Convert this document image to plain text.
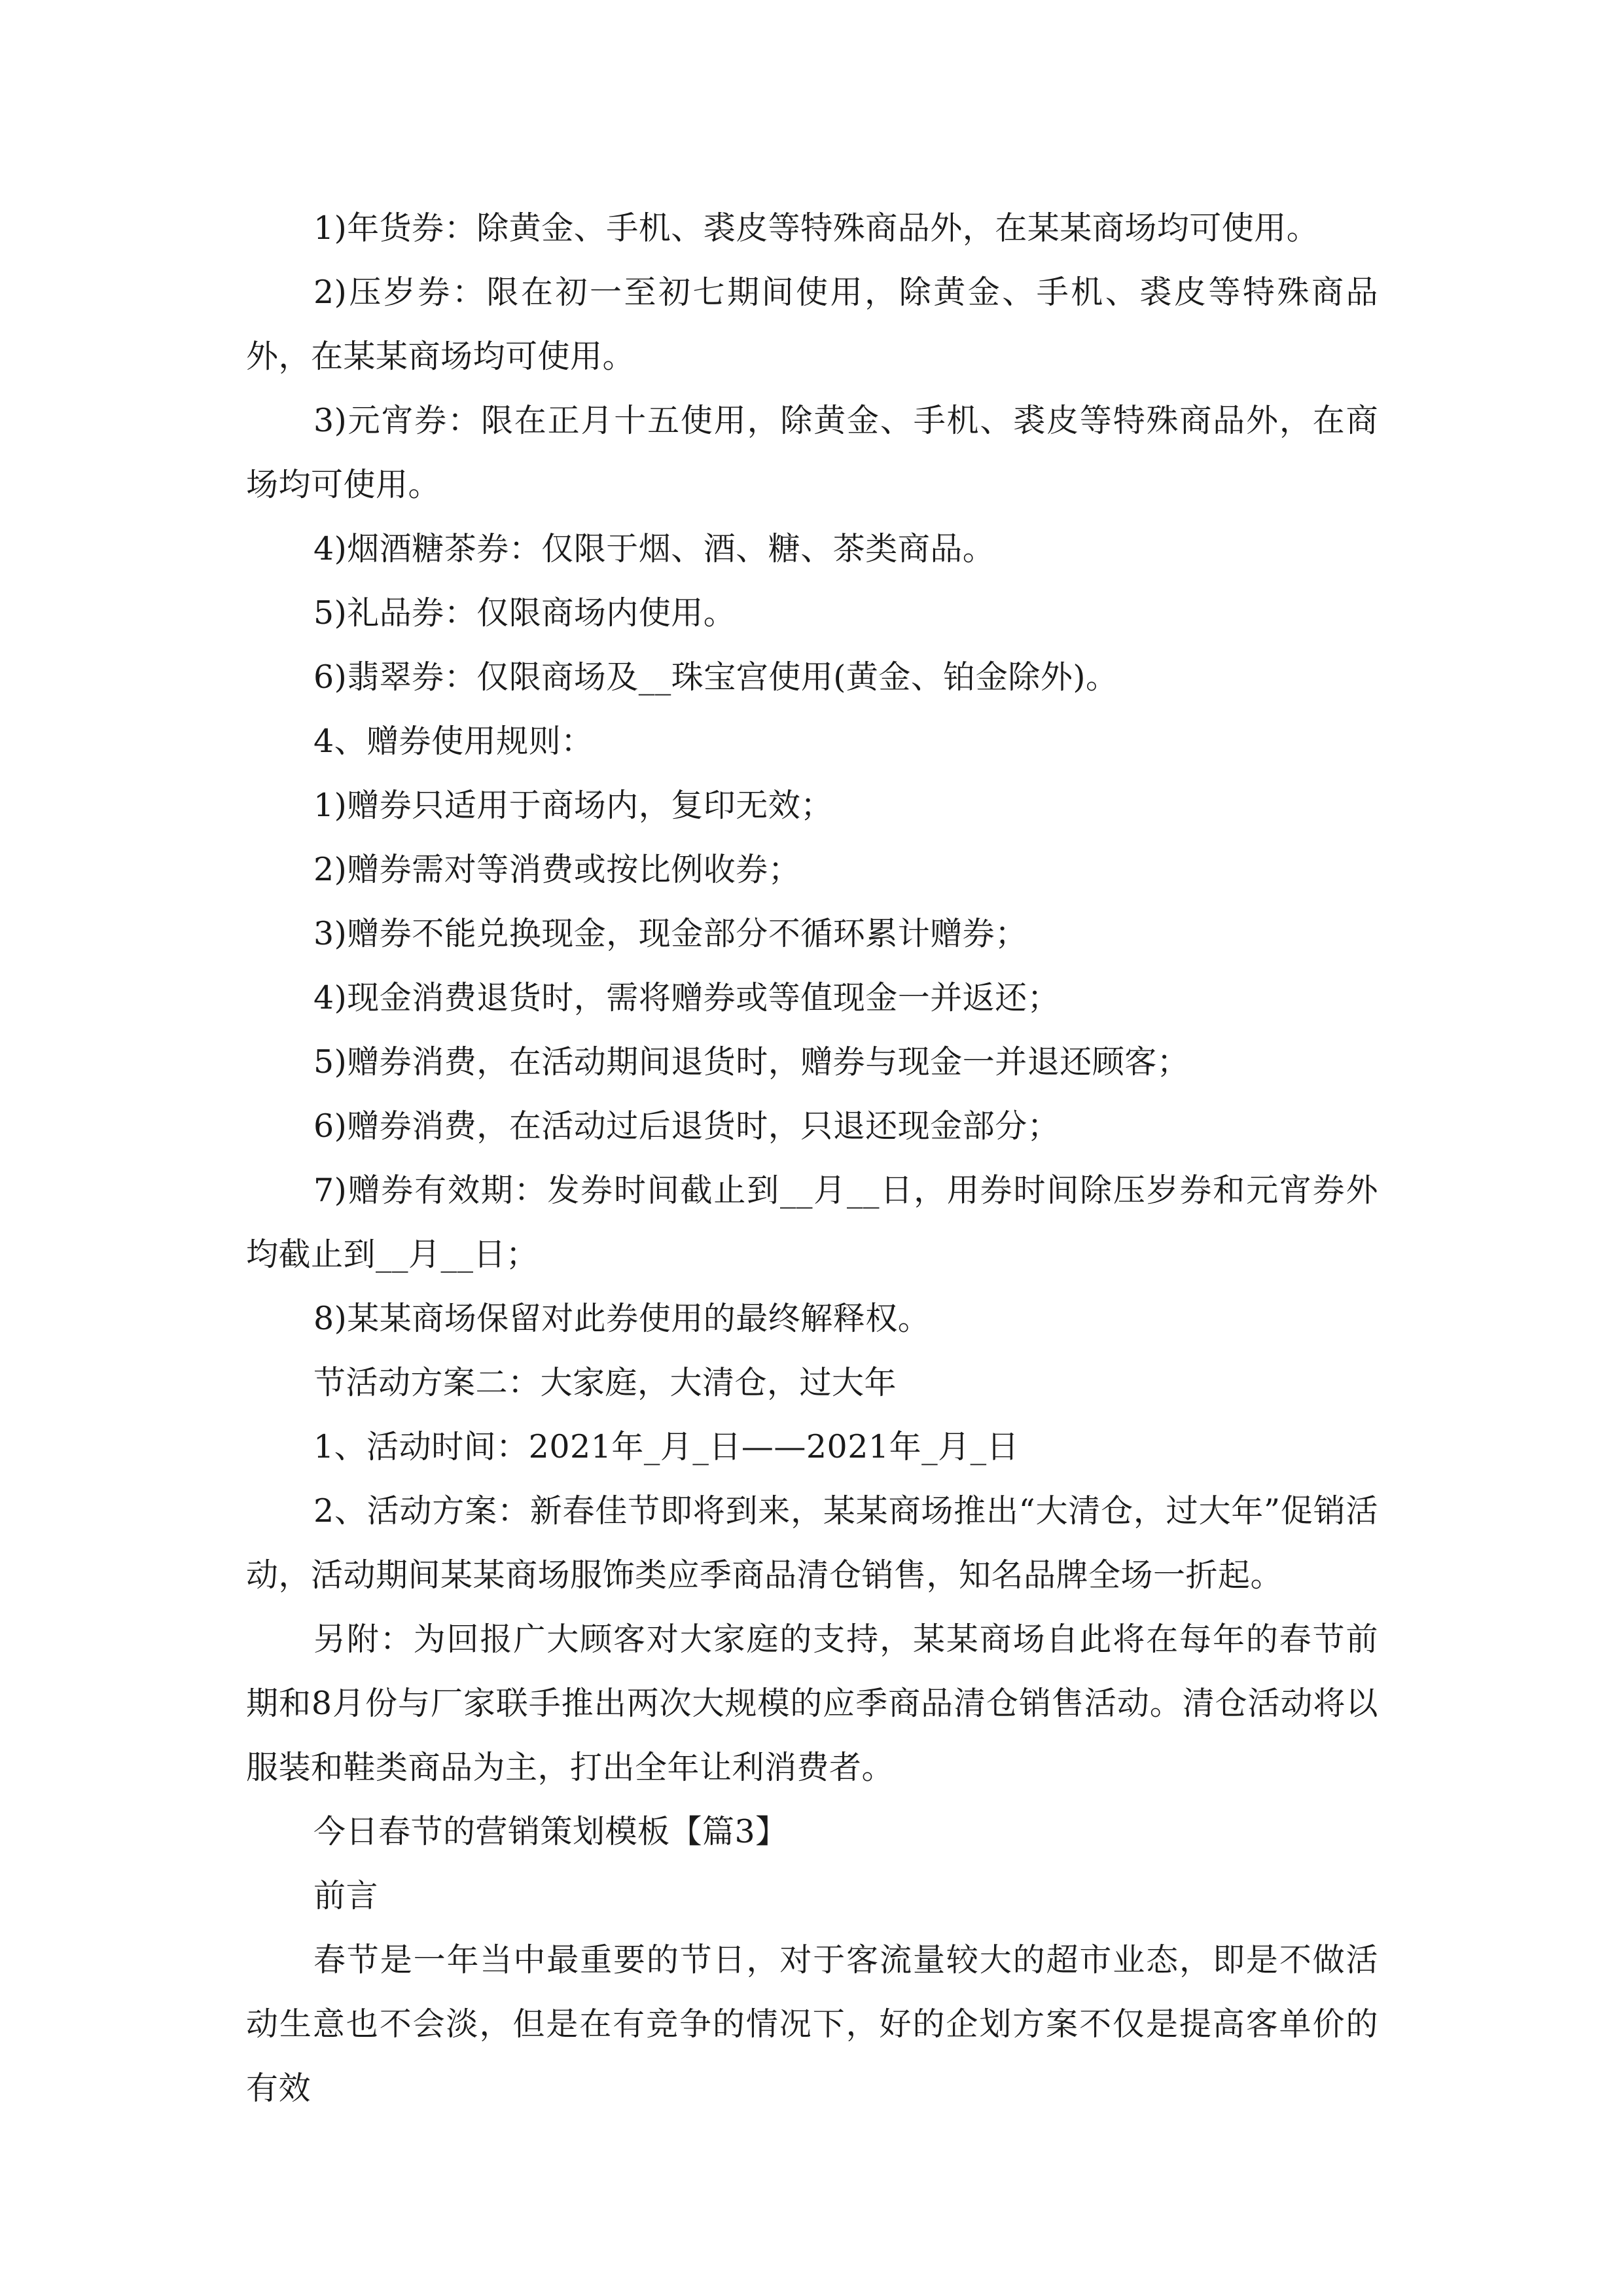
1)年货券：除黄金、手机、裘皮等特殊商品外，在某某商场均可使用。

2)压岁券：限在初一至初七期间使用，除黄金、手机、裘皮等特殊商品外，在某某商场均可使用。

3)元宵券：限在正月十五使用，除黄金、手机、裘皮等特殊商品外，在商场均可使用。

4)烟酒糖茶券：仅限于烟、酒、糖、茶类商品。

5)礼品券：仅限商场内使用。

6)翡翠券：仅限商场及__珠宝宫使用(黄金、铂金除外)。

4、赠券使用规则：

1)赠券只适用于商场内，复印无效；

2)赠券需对等消费或按比例收券；

3)赠券不能兑换现金，现金部分不循环累计赠券；

4)现金消费退货时，需将赠券或等值现金一并返还；

5)赠券消费，在活动期间退货时，赠券与现金一并退还顾客；

6)赠券消费，在活动过后退货时，只退还现金部分；

7)赠券有效期：发券时间截止到__月__日，用券时间除压岁券和元宵券外均截止到__月__日；

8)某某商场保留对此券使用的最终解释权。

节活动方案二：大家庭，大清仓，过大年

1、活动时间：2021年_月_日——2021年_月_日

2、活动方案：新春佳节即将到来，某某商场推出“大清仓，过大年”促销活动，活动期间某某商场服饰类应季商品清仓销售，知名品牌全场一折起。

另附：为回报广大顾客对大家庭的支持，某某商场自此将在每年的春节前期和8月份与厂家联手推出两次大规模的应季商品清仓销售活动。清仓活动将以服装和鞋类商品为主，打出全年让利消费者。

今日春节的营销策划模板【篇3】

前言

春节是一年当中最重要的节日，对于客流量较大的超市业态，即是不做活动生意也不会淡，但是在有竞争的情况下，好的企划方案不仅是提高客单价的有效
